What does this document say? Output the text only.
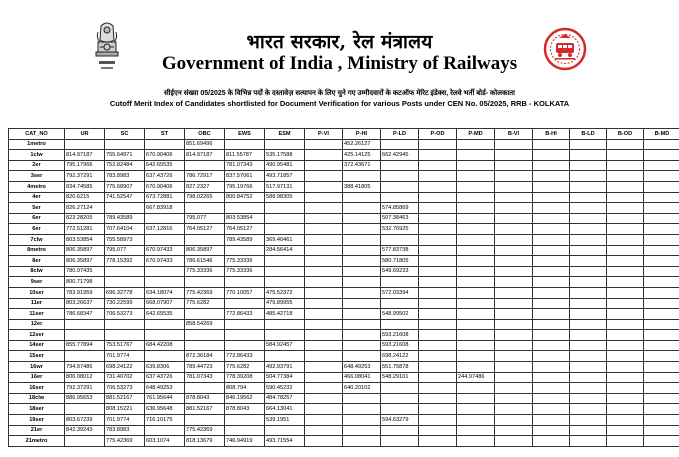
भारत सरकार, रेल मंत्रालय
Government of India , Ministry of Railways
सीईएन संख्या 05/2025 के विभिन्न पदों के दस्तावेज़ सत्यापन के लिए चुने गए उम्मीदवारों के कटऑफ मेरिट इंडेक्स, रेलवे भर्ती बोर्ड- कोलकाता
Cutoff Merit Index of Candidates shortlisted for Document Verification for various Posts under CEN No. 05/2025, RRB - KOLKATA
CAT_NO	UR	SC	ST	OBC	EWS	ESM	P-VI	P-HI	P-LD	P-OD	P-MD	B-VI	B-HI	B-LD	B-OD	B-MD
1metro				851.69496				452.26127								
1clw	814.97187	755.64971	670.90406	814.97187	811.55787	535.17588		425.14125	662.42945							
2er	795.17966	752.82484	642.65535		781.07343	490.95481		372.43671								
3ser	792.37291	783.8983	637.43726	786.72917	837.57061	493.71857										
4metro	834.74585	775.68907	670.90406	827.2327	795.19766	517.97131		388.41805								
4er	820.6215	741.52547	673.72881	798.02265	800.84752	588.98305										
5er	826.27124		667.83918						574.85869							
6er	823.28205	789.43589		795.077	803.53854				507.38463							
6er	772.51281	707.64104	637.12816	764.05127	764.05127				532.76925							
7clw	803.53854	755.58973			789.43589	369.40461										
8metro	806.35897	795.077	670.97433	806.35897		284.56414			577.83738							
8er	806.35897	778.15392	670.97433	786.61546	775.33336				580.71805							
8clw	780.97435			775.33336	775.33336				549.69233							
9ser	800.71798															
10ser	783.91959	696.32778	634.18074	775.42369	770.10057	475.52372			572.03394							
11er	803.26637	730.22599	668.07907	775.6282		479.89955										
11ser	786.68347	706.53273	642.65535		772.86433	485.42718			548.99502							
12er				858.54269												
12ser									593.21608							
14ser	855.77894	753.51767	684.42208			584.92457			593.21608							
15ser		701.9774		872.36184	772.86433				698.24122							
16wr	794.97486	698.24122	639.8306	789.44723	775.6282	492.93791		648.49253	551.75878							
16er	806.08012	731.40702	637.43726	781.07343	778.39208	504.77384		466.08041	548.29101		244.97486					
16ser	792.37291	706.53273	648.49253		808.794	590.45232		640.20102								
18clw	886.95653	881.52167	761.95644	878.8043	846.19562	484.78257										
18ser		808.15221	636.95648	881.52167	878.8043	664.13041										
19ser	803.67239	701.9774	716.10175			539.1951			594.63279							
21er	842.39243	783.8983		775.42369												
21metro		775.42369	603.1074	818.13679	746.94919	493.71554										
